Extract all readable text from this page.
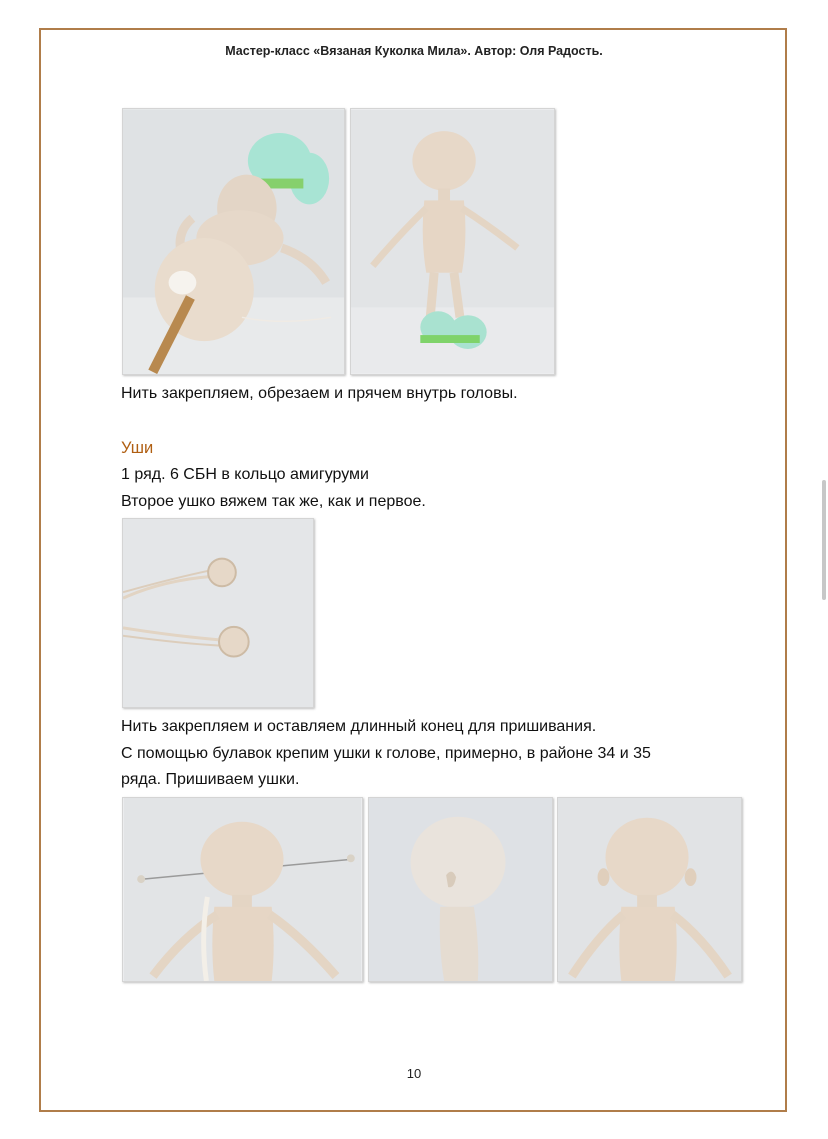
Мастер-класс «Вязаная Куколка Мила». Автор: Оля Радость.
Нить закрепляем, обрезаем и прячем внутрь головы.
Уши
1 ряд. 6 СБН в кольцо амигуруми
Второе ушко вяжем так же, как и первое.
Нить закрепляем и оставляем длинный конец для пришивания.
С помощью булавок крепим ушки к голове, примерно, в районе 34 и 35
ряда. Пришиваем ушки.
10
